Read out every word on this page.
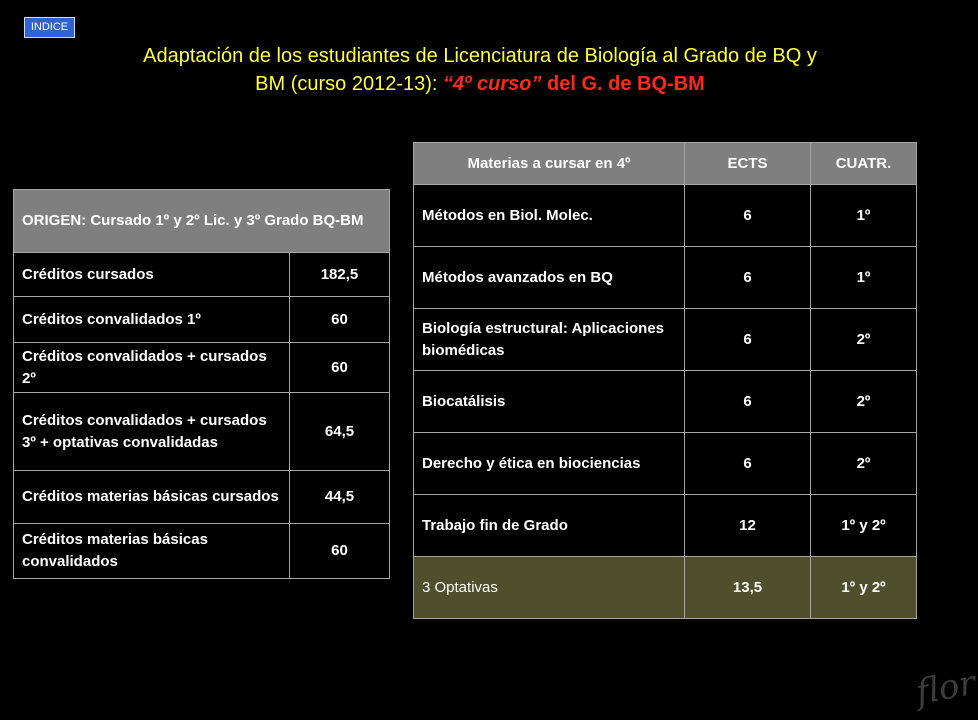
INDICE
Adaptación de los estudiantes de Licenciatura de Biología al Grado de BQ y
BM (curso 2012-13): “4º curso” del G. de BQ-BM
ORIGEN: Cursado 1º y 2º Lic. y 3º Grado BQ-BM	
Créditos cursados	182,5
Créditos convalidados 1º	60
Créditos convalidados + cursados 2º	60
Créditos convalidados + cursados 3º + optativas convalidadas	64,5
Créditos materias básicas cursados	44,5
Créditos materias básicas convalidados	60
Materias a cursar en 4º	ECTS	CUATR.
Métodos en Biol. Molec.	6	1º
Métodos avanzados en BQ	6	1º
Biología estructural: Aplicaciones biomédicas	6	2º
Biocatálisis	6	2º
Derecho y ética en biociencias	6	2º
Trabajo fin de Grado	12	1º y 2º
3 Optativas	13,5	1º y 2º
flor
